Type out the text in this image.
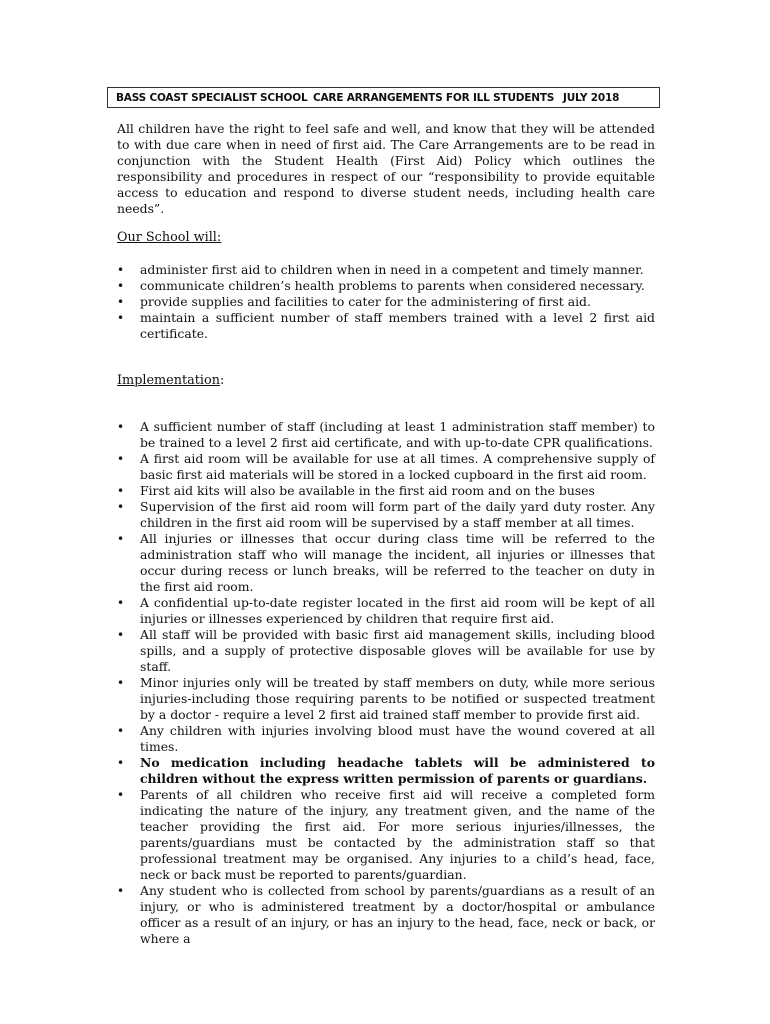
BASS COAST SPECIALIST SCHOOL CARE ARRANGEMENTS FOR ILL STUDENTS JULY 2018

All children have the right to feel safe and well, and know that they will be attended to with due care when in need of first aid. The Care Arrangements are to be read in conjunction with the Student Health (First Aid) Policy which outlines the responsibility and procedures in respect of our “responsibility to provide equitable access to education and respond to diverse student needs, including health care needs”.

Our School will:
• administer first aid to children when in need in a competent and timely manner.
• communicate children’s health problems to parents when considered necessary.
• provide supplies and facilities to cater for the administering of first aid.
• maintain a sufficient number of staff members trained with a level 2 first aid certificate.
Implementation:
• A sufficient number of staff (including at least 1 administration staff member) to be trained to a level 2 first aid certificate, and with up-to-date CPR qualifications.
• A first aid room will be available for use at all times. A comprehensive supply of basic first aid materials will be stored in a locked cupboard in the first aid room.
• First aid kits will also be available in the first aid room and on the buses
• Supervision of the first aid room will form part of the daily yard duty roster. Any children in the first aid room will be supervised by a staff member at all times.
• All injuries or illnesses that occur during class time will be referred to the administration staff who will manage the incident, all injuries or illnesses that occur during recess or lunch breaks, will be referred to the teacher on duty in the first aid room.
• A confidential up-to-date register located in the first aid room will be kept of all injuries or illnesses experienced by children that require first aid.
• All staff will be provided with basic first aid management skills, including blood spills, and a supply of protective disposable gloves will be available for use by staff.
• Minor injuries only will be treated by staff members on duty, while more serious injuries-including those requiring parents to be notified or suspected treatment by a doctor - require a level 2 first aid trained staff member to provide first aid.
• Any children with injuries involving blood must have the wound covered at all times.
• No medication including headache tablets will be administered to children without the express written permission of parents or guardians.
• Parents of all children who receive first aid will receive a completed form indicating the nature of the injury, any treatment given, and the name of the teacher providing the first aid. For more serious injuries/illnesses, the parents/guardians must be contacted by the administration staff so that professional treatment may be organised. Any injuries to a child’s head, face, neck or back must be reported to parents/guardian.
• Any student who is collected from school by parents/guardians as a result of an injury, or who is administered treatment by a doctor/hospital or ambulance officer as a result of an injury, or has an injury to the head, face, neck or back, or where a
